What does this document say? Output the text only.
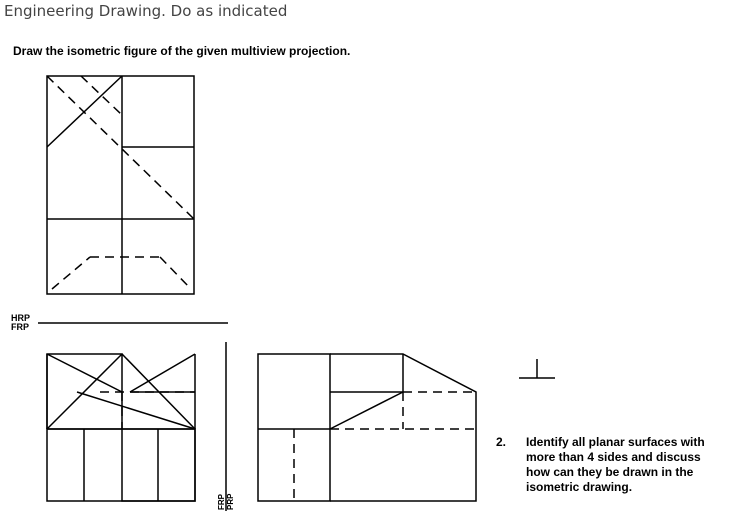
Engineering Drawing. Do as indicated
Draw the isometric figure of the given multiview projection.
HRP
FRP
FRP PRP
2. Identify all planar surfaces with more than 4 sides and discuss how can they be drawn in the isometric drawing.
